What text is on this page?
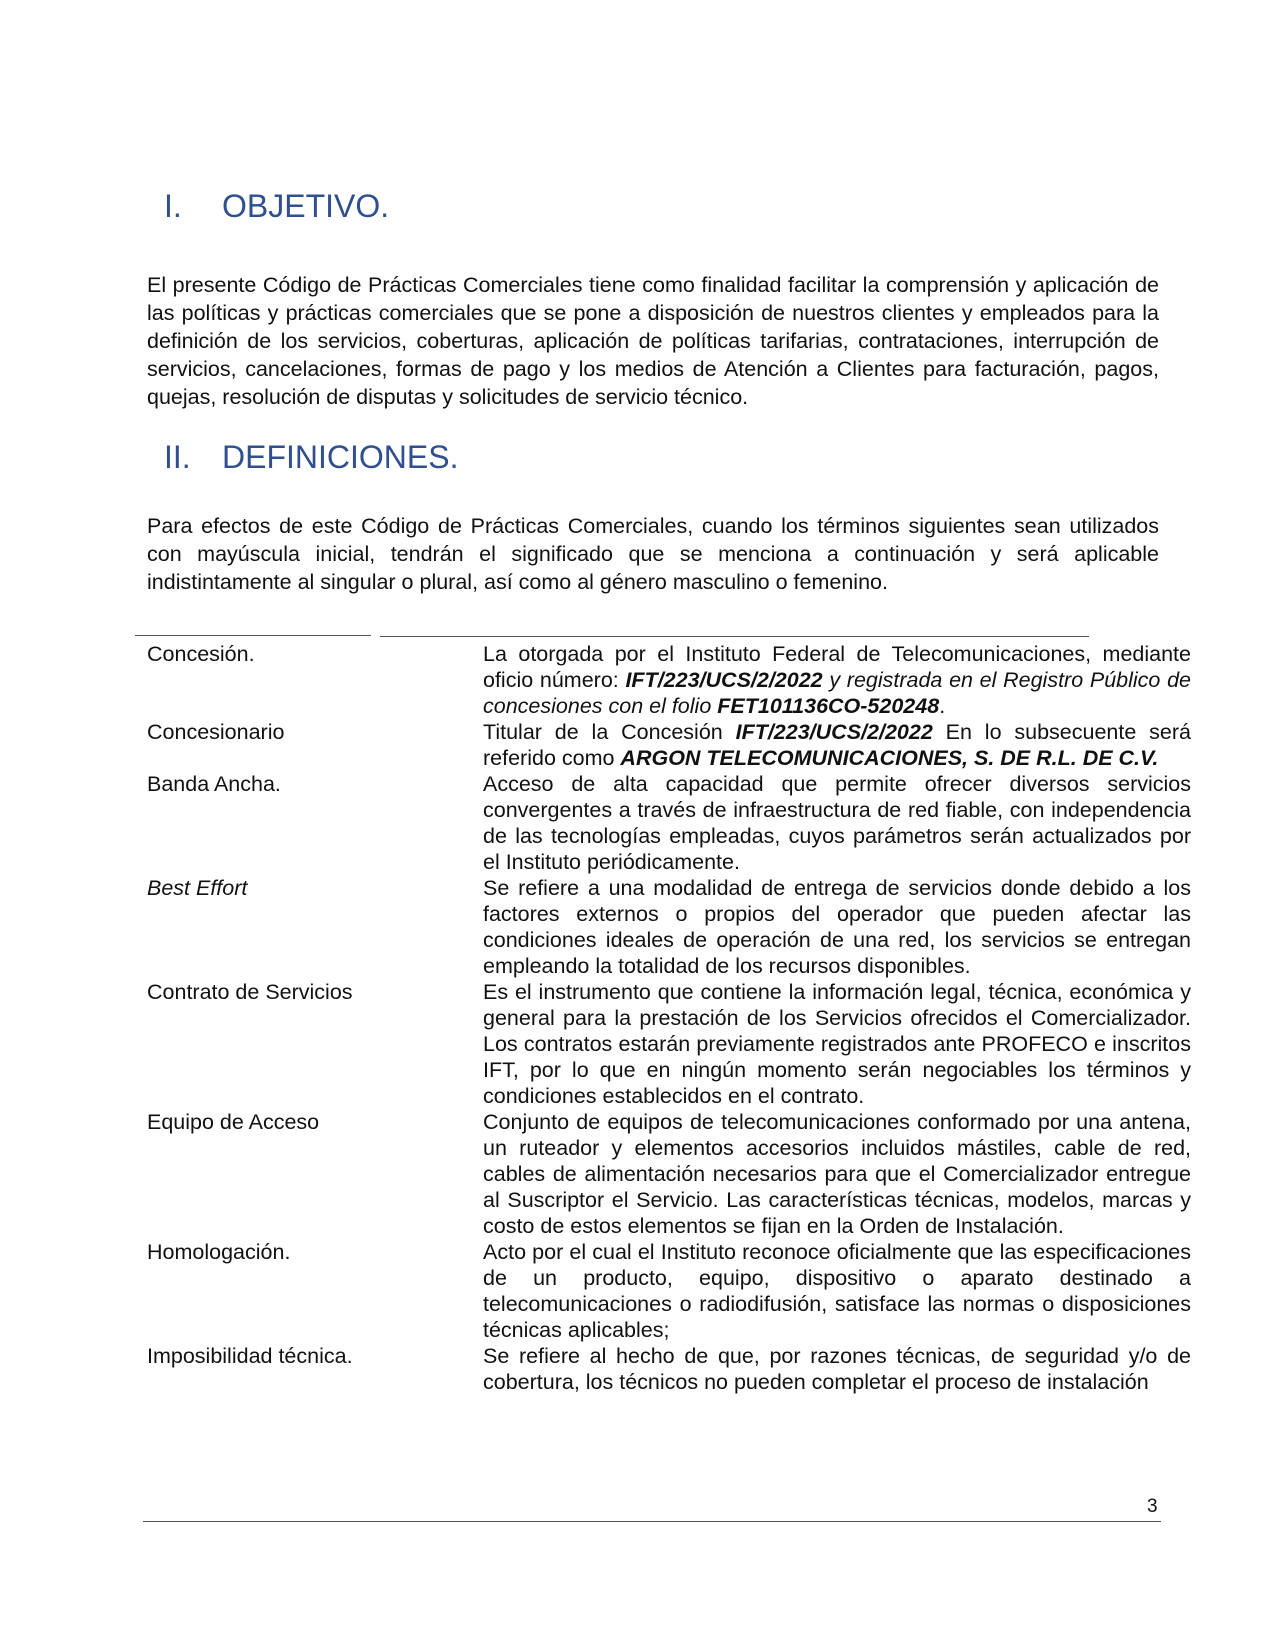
I. OBJETIVO.

El presente Código de Prácticas Comerciales tiene como finalidad facilitar la comprensión y aplicación de las políticas y prácticas comerciales que se pone a disposición de nuestros clientes y empleados para la definición de los servicios, coberturas, aplicación de políticas tarifarias, contrataciones, interrupción de servicios, cancelaciones, formas de pago y los medios de Atención a Clientes para facturación, pagos, quejas, resolución de disputas y solicitudes de servicio técnico.

II. DEFINICIONES.

Para efectos de este Código de Prácticas Comerciales, cuando los términos siguientes sean utilizados con mayúscula inicial, tendrán el significado que se menciona a continuación y será aplicable indistintamente al singular o plural, así como al género masculino o femenino.

Concesión.	La otorgada por el Instituto Federal de Telecomunicaciones, mediante oficio número: IFT/223/UCS/2/2022 y registrada en el Registro Público de concesiones con el folio FET101136CO-520248.
Concesionario	Titular de la Concesión IFT/223/UCS/2/2022 En lo subsecuente será referido como ARGON TELECOMUNICACIONES, S. DE R.L. DE C.V.
Banda Ancha.	Acceso de alta capacidad que permite ofrecer diversos servicios convergentes a través de infraestructura de red fiable, con independencia de las tecnologías empleadas, cuyos parámetros serán actualizados por el Instituto periódicamente.
Best Effort	Se refiere a una modalidad de entrega de servicios donde debido a los factores externos o propios del operador que pueden afectar las condiciones ideales de operación de una red, los servicios se entregan empleando la totalidad de los recursos disponibles.
Contrato de Servicios	Es el instrumento que contiene la información legal, técnica, económica y general para la prestación de los Servicios ofrecidos el Comercializador. Los contratos estarán previamente registrados ante PROFECO e inscritos IFT, por lo que en ningún momento serán negociables los términos y condiciones establecidos en el contrato.
Equipo de Acceso	Conjunto de equipos de telecomunicaciones conformado por una antena, un ruteador y elementos accesorios incluidos mástiles, cable de red, cables de alimentación necesarios para que el Comercializador entregue al Suscriptor el Servicio. Las características técnicas, modelos, marcas y costo de estos elementos se fijan en la Orden de Instalación.
Homologación.	Acto por el cual el Instituto reconoce oficialmente que las especificaciones de un producto, equipo, dispositivo o aparato destinado a telecomunicaciones o radiodifusión, satisface las normas o disposiciones técnicas aplicables;
Imposibilidad técnica.	Se refiere al hecho de que, por razones técnicas, de seguridad y/o de cobertura, los técnicos no pueden completar el proceso de instalación
3
